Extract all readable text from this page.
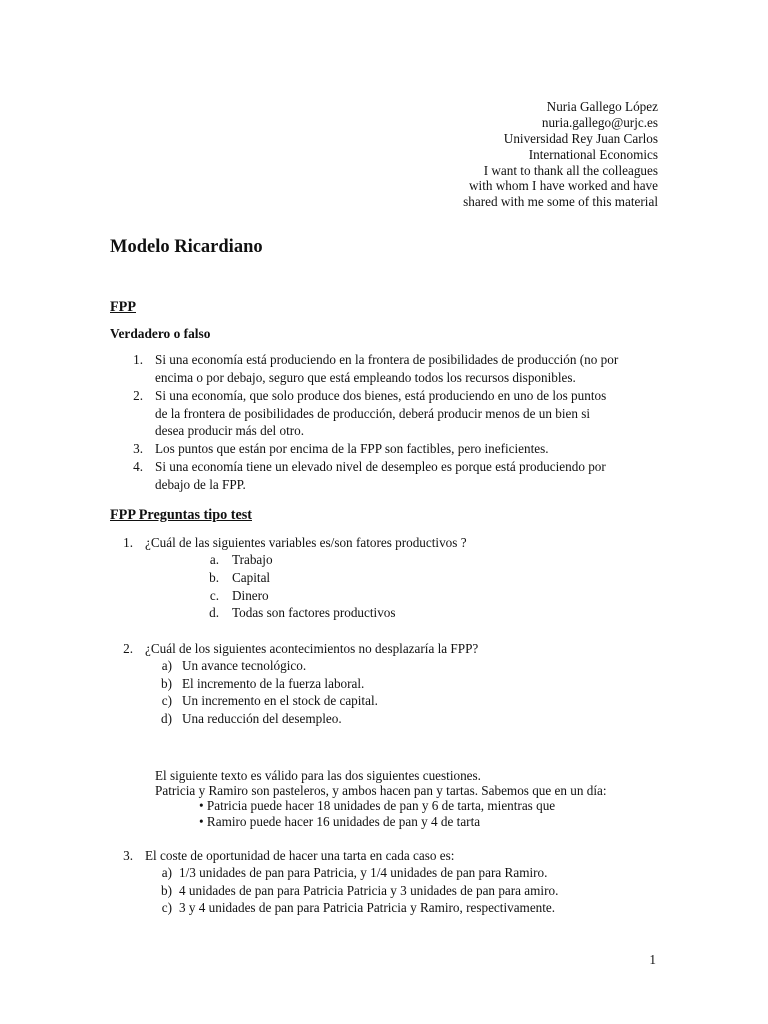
Nuria Gallego López
nuria.gallego@urjc.es
Universidad Rey Juan Carlos
International Economics
I want to thank all the colleagues
with whom I have worked and have
shared with me some of this material
Modelo Ricardiano
FPP
Verdadero o falso
1. Si una economía está produciendo en la frontera de posibilidades de producción (no por
encima o por debajo, seguro que está empleando todos los recursos disponibles.
2. Si una economía, que solo produce dos bienes, está produciendo en uno de los puntos
de la frontera de posibilidades de producción, deberá producir menos de un bien si
desea producir más del otro.
3. Los puntos que están por encima de la FPP son factibles, pero ineficientes.
4. Si una economía tiene un elevado nivel de desempleo es porque está produciendo por
debajo de la FPP.
FPP Preguntas tipo test
1. ¿Cuál de las siguientes variables es/son fatores productivos ?
a. Trabajo
b. Capital
c. Dinero
d. Todas son factores productivos
2. ¿Cuál de los siguientes acontecimientos no desplazaría la FPP?
a) Un avance tecnológico.
b) El incremento de la fuerza laboral.
c) Un incremento en el stock de capital.
d) Una reducción del desempleo.
El siguiente texto es válido para las dos siguientes cuestiones.
Patricia y Ramiro son pasteleros, y ambos hacen pan y tartas. Sabemos que en un día:
• Patricia puede hacer 18 unidades de pan y 6 de tarta, mientras que
• Ramiro puede hacer 16 unidades de pan y 4 de tarta
3. El coste de oportunidad de hacer una tarta en cada caso es:
a) 1/3 unidades de pan para Patricia, y 1/4 unidades de pan para Ramiro.
b) 4 unidades de pan para Patricia Patricia y 3 unidades de pan para amiro.
c) 3 y 4 unidades de pan para Patricia Patricia y Ramiro, respectivamente.
1
